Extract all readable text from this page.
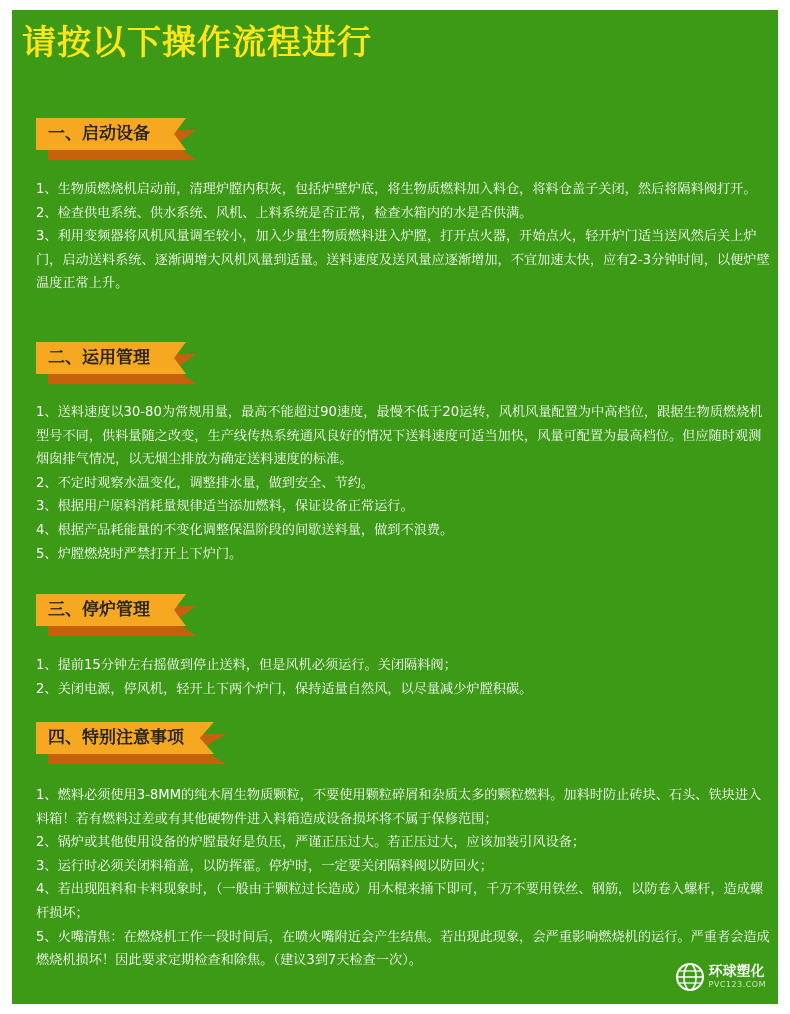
请按以下操作流程进行
一、启动设备

1、生物质燃烧机启动前，清理炉膛内积灰，包括炉壁炉底，将生物质燃料加入料仓，将料仓盖子关闭，然后将隔料阀打开。

2、检查供电系统、供水系统、风机、上料系统是否正常，检查水箱内的水是否供满。

3、利用变频器将风机风量调至较小，加入少量生物质燃料进入炉膛，打开点火器，开始点火，轻开炉门适当送风然后关上炉门，启动送料系统、逐渐调增大风机风量到适量。送料速度及送风量应逐渐增加，不宜加速太快，应有2-3分钟时间，以便炉壁温度正常上升。

二、运用管理

1、送料速度以30-80为常规用量，最高不能超过90速度，最慢不低于20运转，风机风量配置为中高档位，跟据生物质燃烧机型号不同，供料量随之改变，生产线传热系统通风良好的情况下送料速度可适当加快，风量可配置为最高档位。但应随时观测烟囱排气情况，以无烟尘排放为确定送料速度的标准。

2、不定时观察水温变化，调整排水量，做到安全、节约。

3、根据用户原料消耗量规律适当添加燃料，保证设备正常运行。

4、根据产品耗能量的不变化调整保温阶段的间歇送料量，做到不浪费。

5、炉膛燃烧时严禁打开上下炉门。

三、停炉管理

1、提前15分钟左右摇做到停止送料，但是风机必须运行。关闭隔料阀；

2、关闭电源，停风机，轻开上下两个炉门，保持适量自然风，以尽量减少炉膛积碳。

四、特别注意事项

1、燃料必须使用3-8MM的纯木屑生物质颗粒，不要使用颗粒碎屑和杂质太多的颗粒燃料。加料时防止砖块、石头、铁块进入料箱！若有燃料过差或有其他硬物件进入料箱造成设备损坏将不属于保修范围；

2、锅炉或其他使用设备的炉膛最好是负压，严谨正压过大。若正压过大，应该加装引风设备；

3、运行时必须关闭料箱盖，以防挥霍。停炉时，一定要关闭隔料阀以防回火；

4、若出现阻料和卡料现象时，（一般由于颗粒过长造成）用木棍来捅下即可，千万不要用铁丝、钢筋，以防卷入螺杆，造成螺杆损坏；

5、火嘴清焦：在燃烧机工作一段时间后，在喷火嘴附近会产生结焦。若出现此现象，会严重影响燃烧机的运行。严重者会造成燃烧机损坏！因此要求定期检查和除焦。（建议3到7天检查一次）。

环球塑化
PVC123.COM
